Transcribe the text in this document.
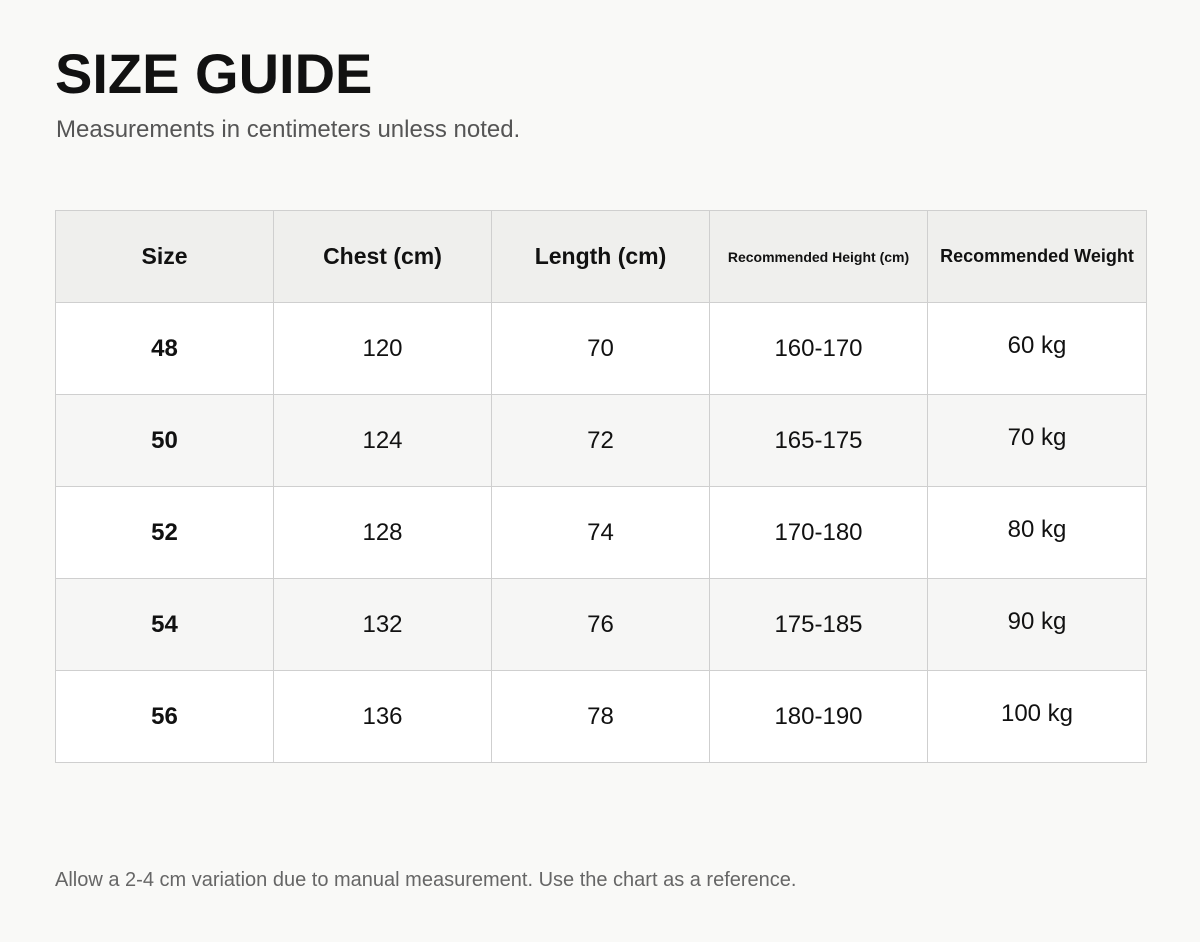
SIZE GUIDE

Measurements in centimeters unless noted.

Size	Chest (cm)	Length (cm)	Recommended Height (cm)	Recommended Weight
48	120	70	160-170	60 kg
50	124	72	165-175	70 kg
52	128	74	170-180	80 kg
54	132	76	175-185	90 kg
56	136	78	180-190	100 kg

Allow a 2-4 cm variation due to manual measurement. Use the chart as a reference.
